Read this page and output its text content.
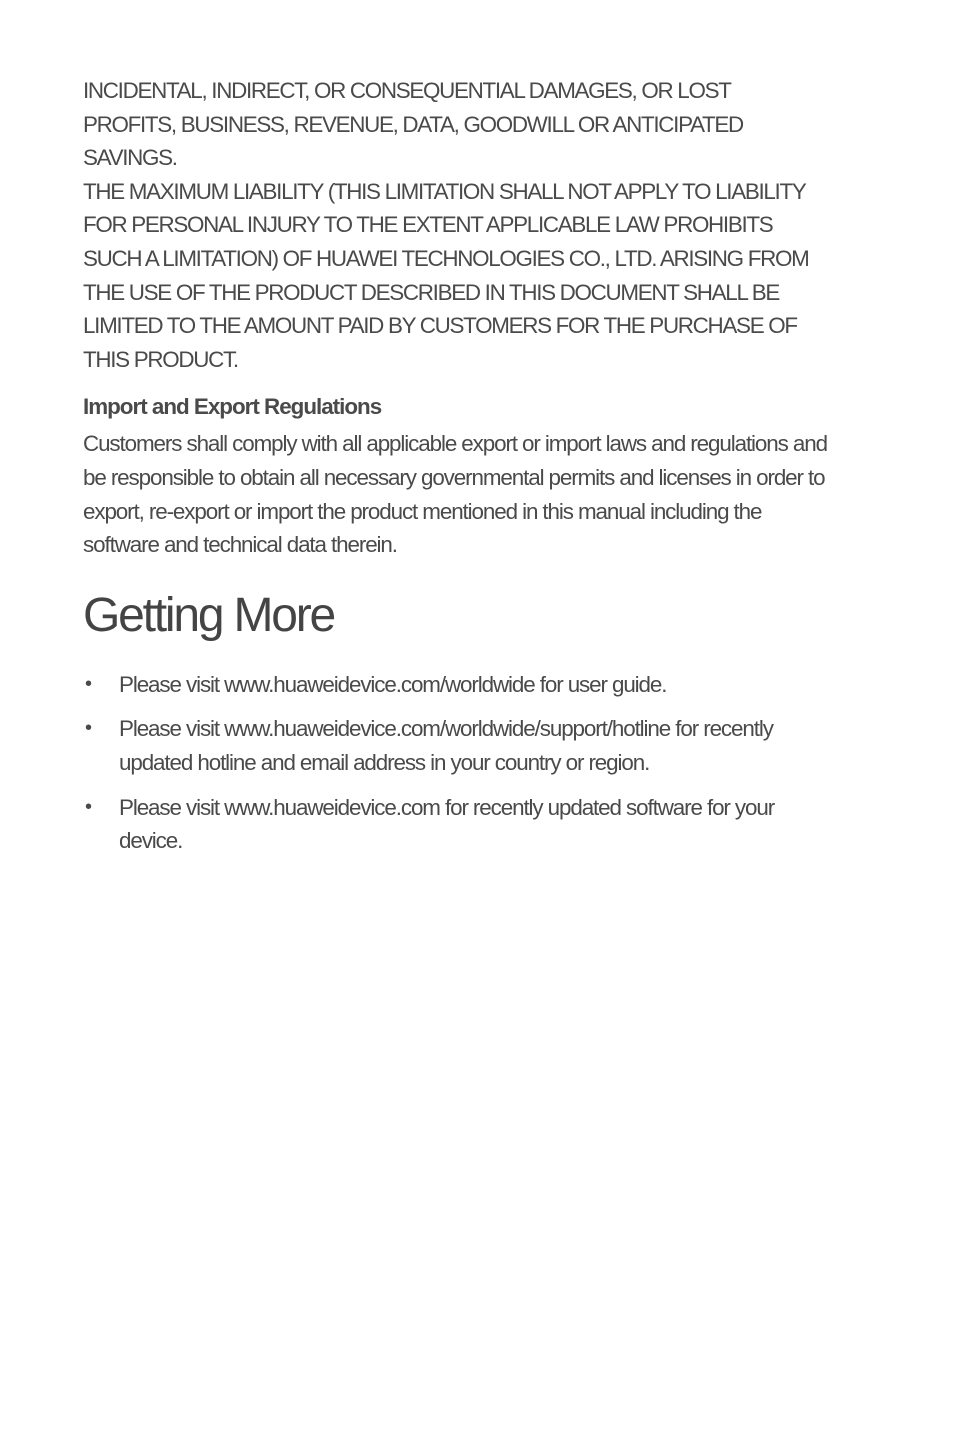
INCIDENTAL, INDIRECT, OR CONSEQUENTIAL DAMAGES, OR LOST
PROFITS, BUSINESS, REVENUE, DATA, GOODWILL OR ANTICIPATED
SAVINGS.

THE MAXIMUM LIABILITY (THIS LIMITATION SHALL NOT APPLY TO LIABILITY
FOR PERSONAL INJURY TO THE EXTENT APPLICABLE LAW PROHIBITS
SUCH A LIMITATION) OF HUAWEI TECHNOLOGIES CO., LTD. ARISING FROM
THE USE OF THE PRODUCT DESCRIBED IN THIS DOCUMENT SHALL BE
LIMITED TO THE AMOUNT PAID BY CUSTOMERS FOR THE PURCHASE OF
THIS PRODUCT.

Import and Export Regulations

Customers shall comply with all applicable export or import laws and regulations and
be responsible to obtain all necessary governmental permits and licenses in order to
export, re-export or import the product mentioned in this manual including the
software and technical data therein.

Getting More
• Please visit www.huaweidevice.com/worldwide for user guide.
• Please visit www.huaweidevice.com/worldwide/support/hotline for recently
updated hotline and email address in your country or region.
• Please visit www.huaweidevice.com for recently updated software for your
device.
